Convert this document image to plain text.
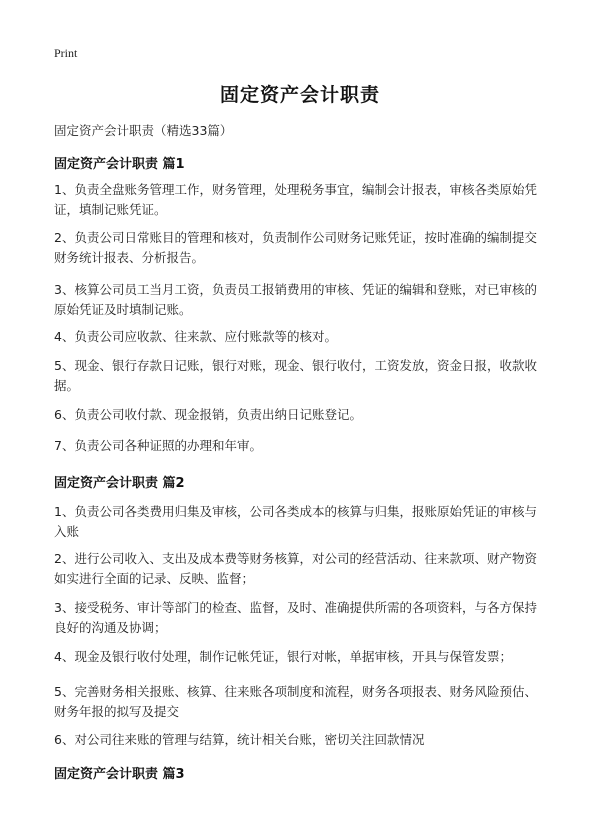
Print
固定资产会计职责
固定资产会计职责（精选33篇）
固定资产会计职责 篇1
1、负责全盘账务管理工作，财务管理，处理税务事宜，编制会计报表，审核各类原始凭证，填制记账凭证。
2、负责公司日常账目的管理和核对，负责制作公司财务记账凭证，按时准确的编制提交财务统计报表、分析报告。
3、核算公司员工当月工资，负责员工报销费用的审核、凭证的编辑和登账，对已审核的原始凭证及时填制记账。
4、负责公司应收款、往来款、应付账款等的核对。
5、现金、银行存款日记账，银行对账，现金、银行收付，工资发放，资金日报，收款收据。
6、负责公司收付款、现金报销，负责出纳日记账登记。
7、负责公司各种证照的办理和年审。
固定资产会计职责 篇2
1、负责公司各类费用归集及审核，公司各类成本的核算与归集，报账原始凭证的审核与入账
2、进行公司收入、支出及成本费等财务核算，对公司的经营活动、往来款项、财产物资如实进行全面的记录、反映、监督；
3、接受税务、审计等部门的检查、监督，及时、准确提供所需的各项资料，与各方保持良好的沟通及协调；
4、现金及银行收付处理，制作记帐凭证，银行对帐，单据审核，开具与保管发票；
5、完善财务相关报账、核算、往来账各项制度和流程，财务各项报表、财务风险预估、财务年报的拟写及提交
6、对公司往来账的管理与结算，统计相关台账，密切关注回款情况
固定资产会计职责 篇3
